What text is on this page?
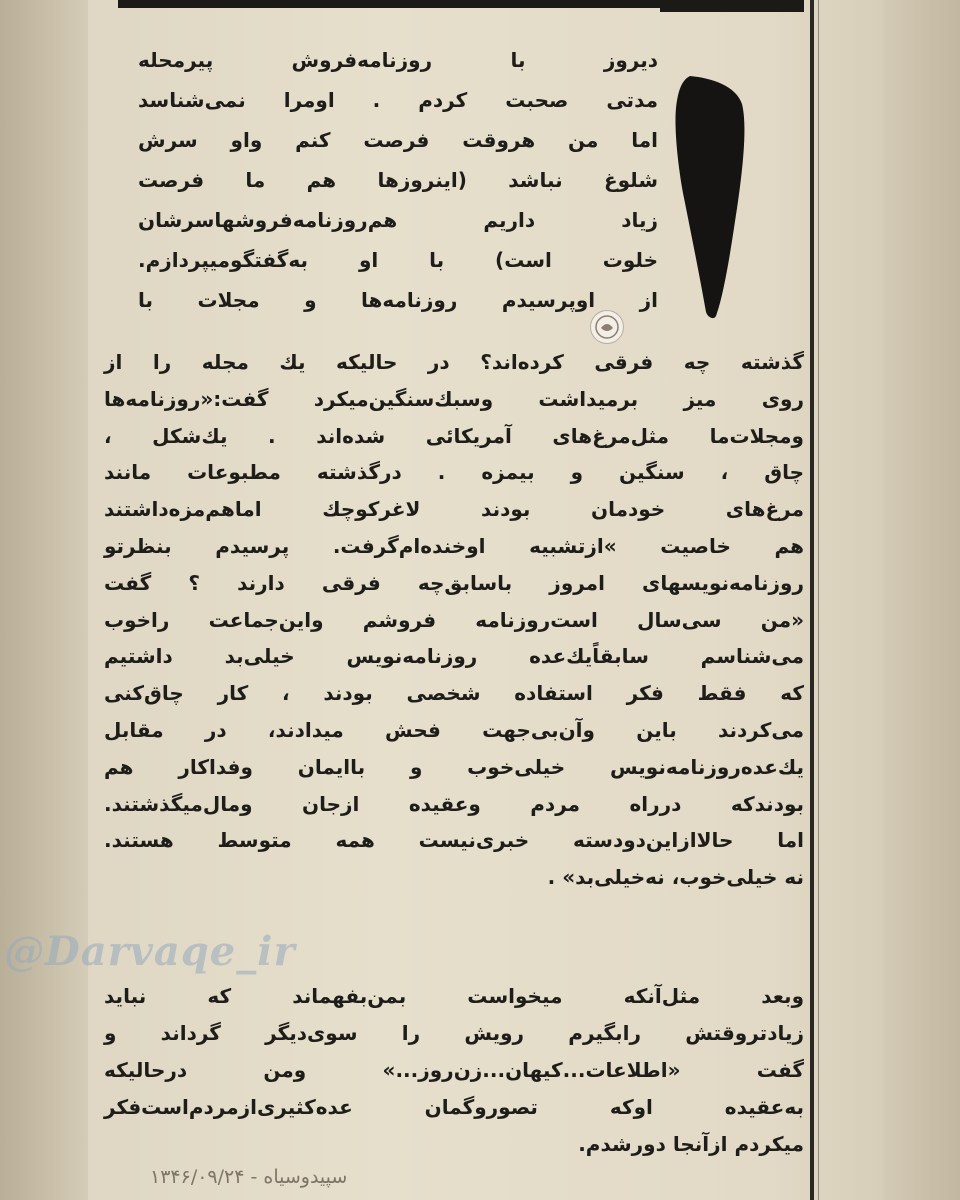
دیروز با روزنامه‌فروش پیرمحله
مدتی صحبت کردم . اومرا نمی‌شناسد
اما من هروقت فرصت کنم واو سرش
شلوغ نباشد (اینروزها هم ما فرصت
زیاد داریم هم‌روزنامه‌فروشهاسرشان
خلوت است) با او به‌گفتگومیپردازم.
از اوپرسیدم روزنامه‌ها و مجلات با
گذشته چه فرقی کرده‌اند؟ در حالیکه یك مجله را از
روی میز برمیداشت وسبك‌سنگین‌میکرد گفت:«روزنامه‌ها
ومجلات‌ما مثل‌مرغ‌های آمریکائی شده‌اند . یك‌شکل ،
چاق ، سنگین و بیمزه . درگذشته مطبوعات مانند
مرغ‌های خودمان بودند لاغرکوچك اماهم‌مزه‌داشتند
هم خاصیت »ازتشبیه اوخنده‌ام‌گرفت. پرسیدم بنظرتو
روزنامه‌نویسهای امروز باسابق‌چه فرقی دارند ؟ گفت
«من سی‌سال است‌روزنامه فروشم واین‌جماعت راخوب
می‌شناسم سابقاًیك‌عده روزنامه‌نویس خیلی‌بد داشتیم
که فقط فکر استفاده شخصی بودند ، کار چاق‌کنی
می‌کردند باین وآن‌بی‌جهت فحش میدادند، در مقابل
یك‌عده‌روزنامه‌نویس خیلی‌خوب و باایمان وفداکار هم
بودندکه درراه مردم وعقیده ازجان ومال‌میگذشتند.
اما حالاازاین‌دودسته خبری‌نیست همه متوسط هستند.
نه خیلی‌خوب، نه‌خیلی‌بد» .
وبعد مثل‌آنکه میخواست بمن‌بفهماند که نباید
زیادتروقتش رابگیرم رویش را سوی‌دیگر گرداند و
گفت «اطلاعات...کیهان...زن‌روز...» ومن درحالیکه
به‌عقیده اوکه تصوروگمان عده‌کثیری‌ازمردم‌است‌فکر
میکردم ازآنجا دورشدم.
@Darvaqe_ir
سپیدوسیاه - ۱۳۴۶/۰۹/۲۴
